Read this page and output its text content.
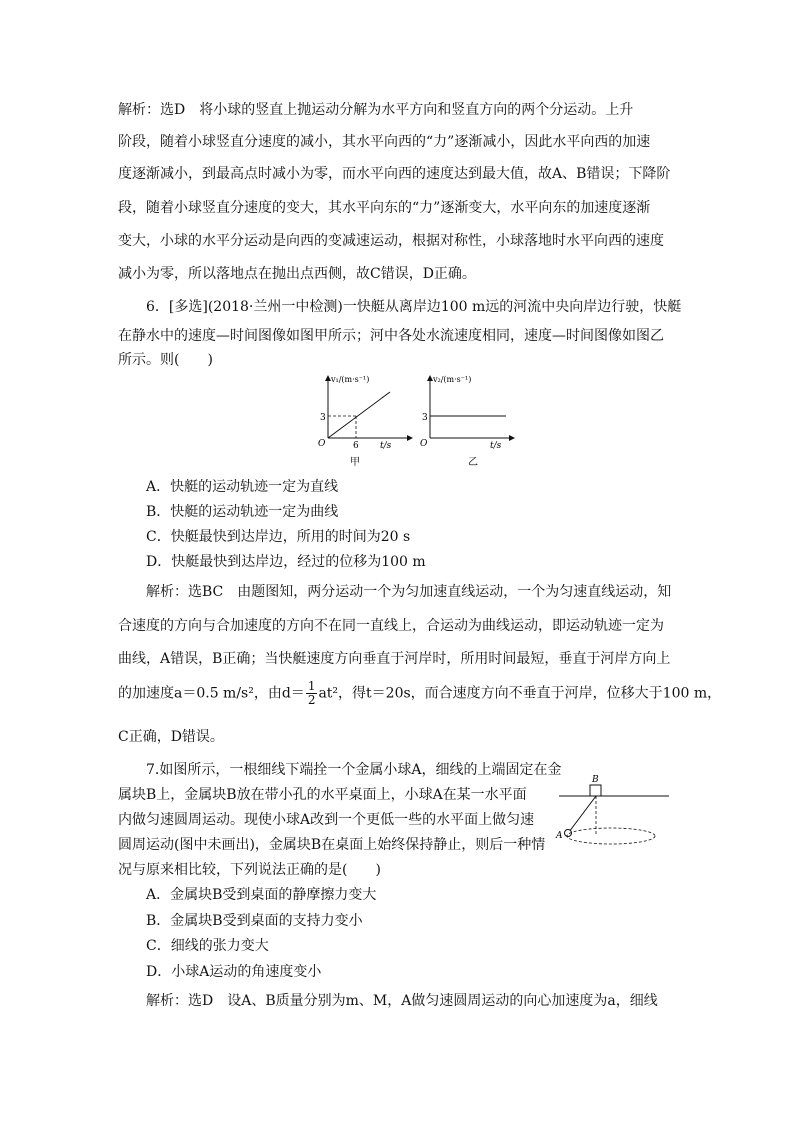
解析：选D　将小球的竖直上抛运动分解为水平方向和竖直方向的两个分运动。上升
阶段，随着小球竖直分速度的减小，其水平向西的“力”逐渐减小，因此水平向西的加速
度逐渐减小，到最高点时减小为零，而水平向西的速度达到最大值，故A、B错误；下降阶
段，随着小球竖直分速度的变大，其水平向东的“力”逐渐变大，水平向东的加速度逐渐
变大，小球的水平分运动是向西的变减速运动，根据对称性，小球落地时水平向西的速度
减小为零，所以落地点在抛出点西侧，故C错误，D正确。
6．[多选](2018·兰州一中检测)一快艇从离岸边100 m远的河流中央向岸边行驶，快艇
在静水中的速度—时间图像如图甲所示；河中各处水流速度相同，速度—时间图像如图乙
所示。则(　　)
v₁/(m·s⁻¹)
3
O	6 t/s
甲
v₂/(m·s⁻¹)
3
O	t/s
乙
A．快艇的运动轨迹一定为直线
B．快艇的运动轨迹一定为曲线
C．快艇最快到达岸边，所用的时间为20 s
D．快艇最快到达岸边，经过的位移为100 m
解析：选BC　由题图知，两分运动一个为匀加速直线运动，一个为匀速直线运动，知
合速度的方向与合加速度的方向不在同一直线上，合运动为曲线运动，即运动轨迹一定为
曲线，A错误，B正确；当快艇速度方向垂直于河岸时，所用时间最短，垂直于河岸方向上
的加速度a＝0.5 m/s²，由$d= \frac{1}{2} at^2$，得t＝20s，而合速度方向不垂直于河岸，位移大于100 m，
C正确，D错误。
7.如图所示，一根细线下端拴一个金属小球A，细线的上端固定在金
属块B上，金属块B放在带小孔的水平桌面上，小球A在某一水平面
内做匀速圆周运动。现使小球A改到一个更低一些的水平面上做匀速
圆周运动(图中未画出)，金属块B在桌面上始终保持静止，则后一种情
况与原来相比较，下列说法正确的是(　　)
B
A
A．金属块B受到桌面的静摩擦力变大
B．金属块B受到桌面的支持力变小
C．细线的张力变大
D．小球A运动的角速度变小
解析：选D　设A、B质量分别为m、M，A做匀速圆周运动的向心加速度为a，细线
